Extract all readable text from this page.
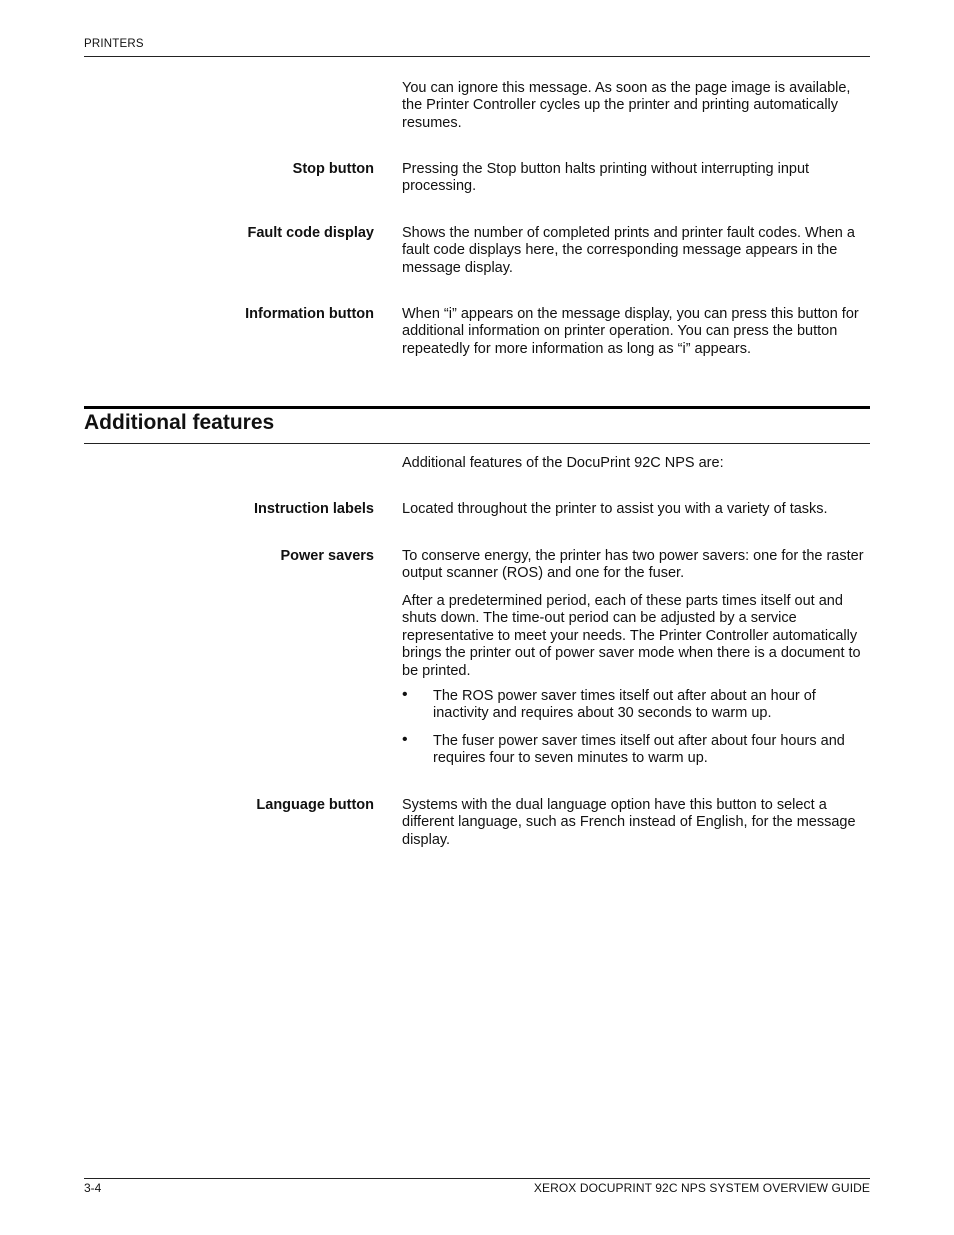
PRINTERS

You can ignore this message. As soon as the page image is available, the Printer Controller cycles up the printer and printing automatically resumes.

Stop button Pressing the Stop button halts printing without interrupting input processing.

Fault code display Shows the number of completed prints and printer fault codes. When a fault code displays here, the corresponding message appears in the message display.

Information button When “i” appears on the message display, you can press this button for additional information on printer operation. You can press the button repeatedly for more information as long as “i” appears.

Additional features

Additional features of the DocuPrint 92C NPS are:

Instruction labels Located throughout the printer to assist you with a variety of tasks.

Power savers To conserve energy, the printer has two power savers: one for the raster output scanner (ROS) and one for the fuser.

After a predetermined period, each of these parts times itself out and shuts down. The time-out period can be adjusted by a service representative to meet your needs. The Printer Controller automatically brings the printer out of power saver mode when there is a document to be printed.

• The ROS power saver times itself out after about an hour of inactivity and requires about 30 seconds to warm up.
• The fuser power saver times itself out after about four hours and requires four to seven minutes to warm up.
Language button Systems with the dual language option have this button to select a different language, such as French instead of English, for the message display.

3-4	XEROX DOCUPRINT 92C NPS SYSTEM OVERVIEW GUIDE
